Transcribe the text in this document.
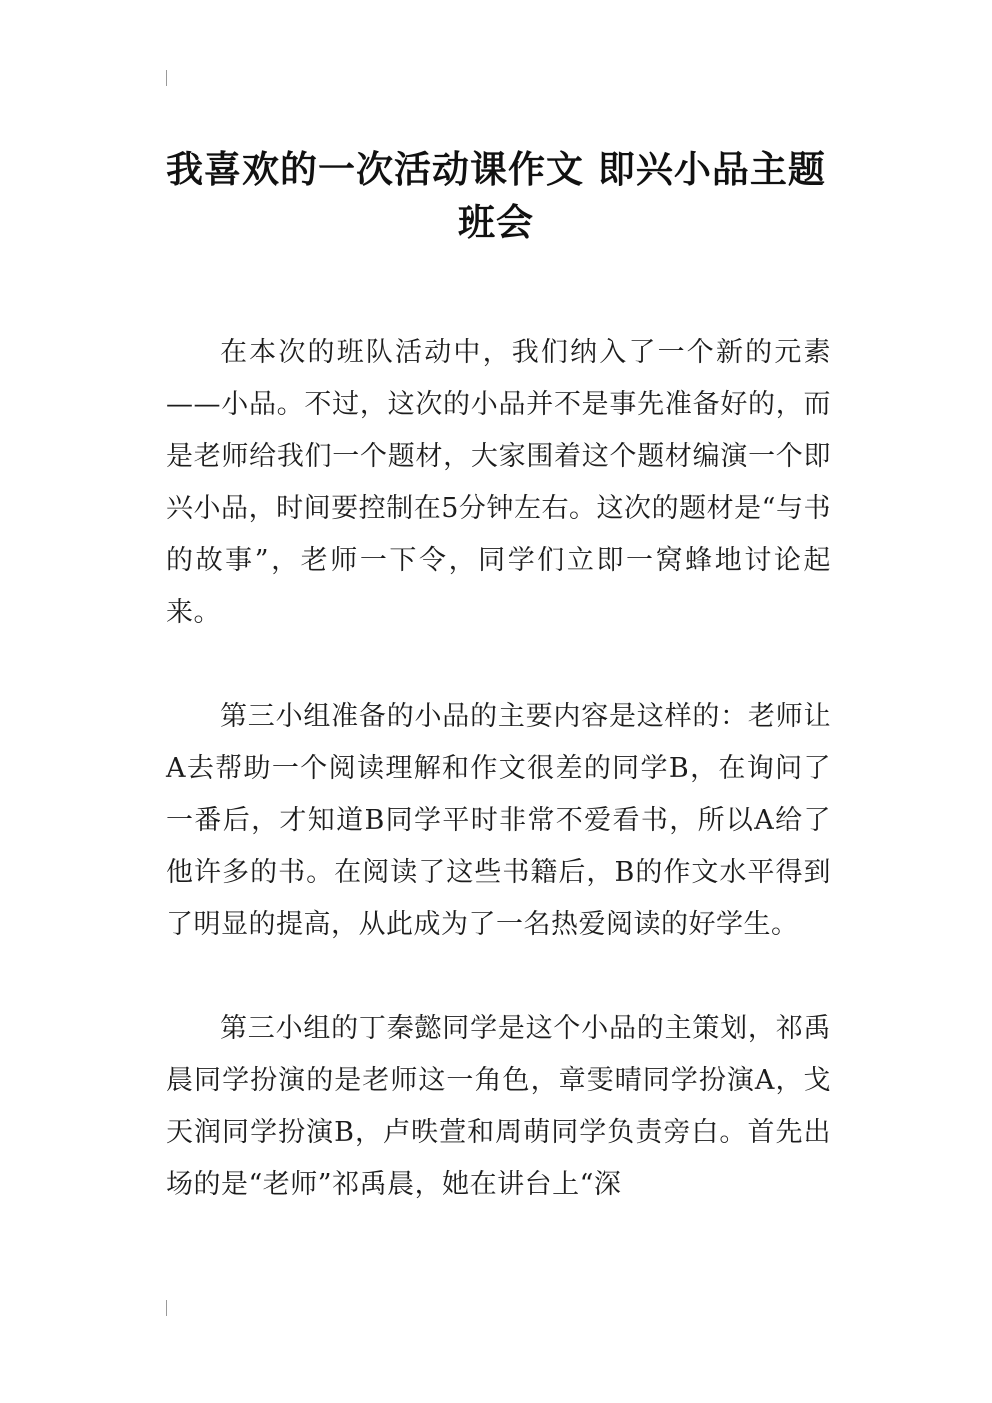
我喜欢的一次活动课作文 即兴小品主题班会

在本次的班队活动中，我们纳入了一个新的元素——小品。不过，这次的小品并不是事先准备好的，而是老师给我们一个题材，大家围着这个题材编演一个即兴小品，时间要控制在5分钟左右。这次的题材是“与书的故事”，老师一下令，同学们立即一窝蜂地讨论起来。

第三小组准备的小品的主要内容是这样的：老师让A去帮助一个阅读理解和作文很差的同学B，在询问了一番后，才知道B同学平时非常不爱看书，所以A给了他许多的书。在阅读了这些书籍后，B的作文水平得到了明显的提高，从此成为了一名热爱阅读的好学生。

第三小组的丁秦懿同学是这个小品的主策划，祁禹晨同学扮演的是老师这一角色，章雯晴同学扮演A，戈天润同学扮演B，卢昳萱和周萌同学负责旁白。首先出场的是“老师”祁禹晨，她在讲台上“深
